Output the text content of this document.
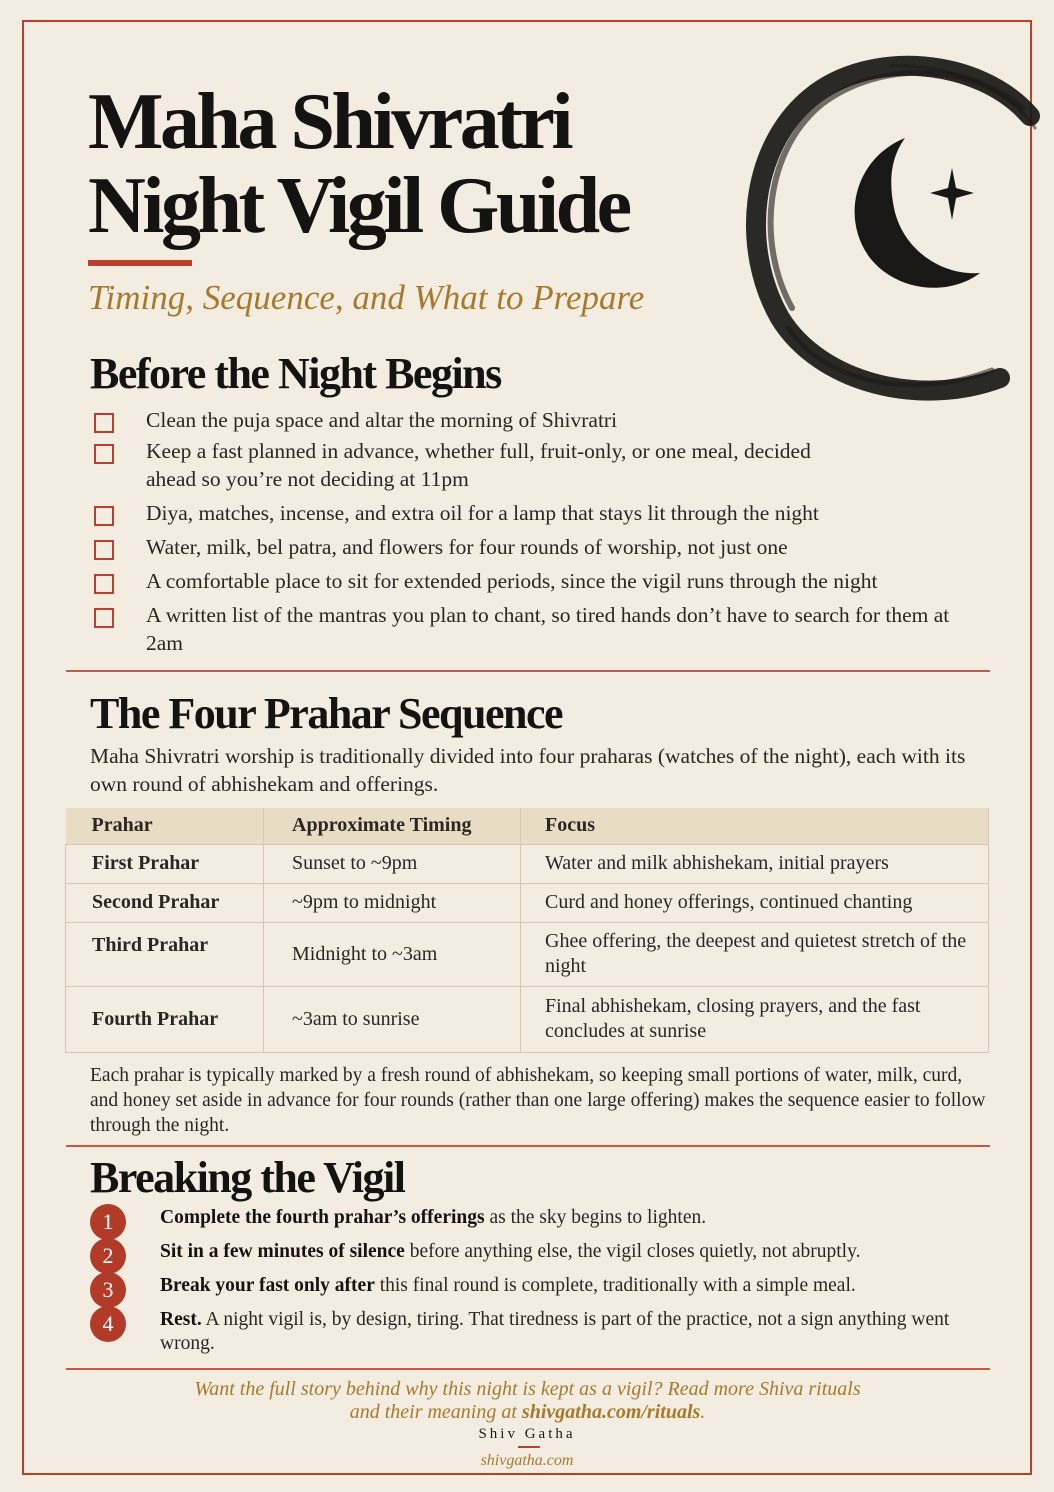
Maha Shivratri
Night Vigil Guide
Timing, Sequence, and What to Prepare
Before the Night Begins
Clean the puja space and altar the morning of Shivratri
Keep a fast planned in advance, whether full, fruit-only, or one meal, decided ahead so you’re not deciding at 11pm
Diya, matches, incense, and extra oil for a lamp that stays lit through the night
Water, milk, bel patra, and flowers for four rounds of worship, not just one
A comfortable place to sit for extended periods, since the vigil runs through the night
A written list of the mantras you plan to chant, so tired hands don’t have to search for them at 2am
The Four Prahar Sequence
Maha Shivratri worship is traditionally divided into four praharas (watches of the night), each with its own round of abhishekam and offerings.
Prahar	Approximate Timing	Focus
First Prahar	Sunset to ~9pm	Water and milk abhishekam, initial prayers
Second Prahar	~9pm to midnight	Curd and honey offerings, continued chanting
Third Prahar	Midnight to ~3am	Ghee offering, the deepest and quietest stretch of the night
Fourth Prahar	~3am to sunrise	Final abhishekam, closing prayers, and the fast concludes at sunrise
Each prahar is typically marked by a fresh round of abhishekam, so keeping small portions of water, milk, curd, and honey set aside in advance for four rounds (rather than one large offering) makes the sequence easier to follow through the night.
Breaking the Vigil
1	Complete the fourth prahar’s offerings as the sky begins to lighten.
2	Sit in a few minutes of silence before anything else, the vigil closes quietly, not abruptly.
3	Break your fast only after this final round is complete, traditionally with a simple meal.
4	Rest. A night vigil is, by design, tiring. That tiredness is part of the practice, not a sign anything went wrong.
Want the full story behind why this night is kept as a vigil? Read more Shiva rituals
and their meaning at shivgatha.com/rituals.
Shiv Gatha
shivgatha.com
